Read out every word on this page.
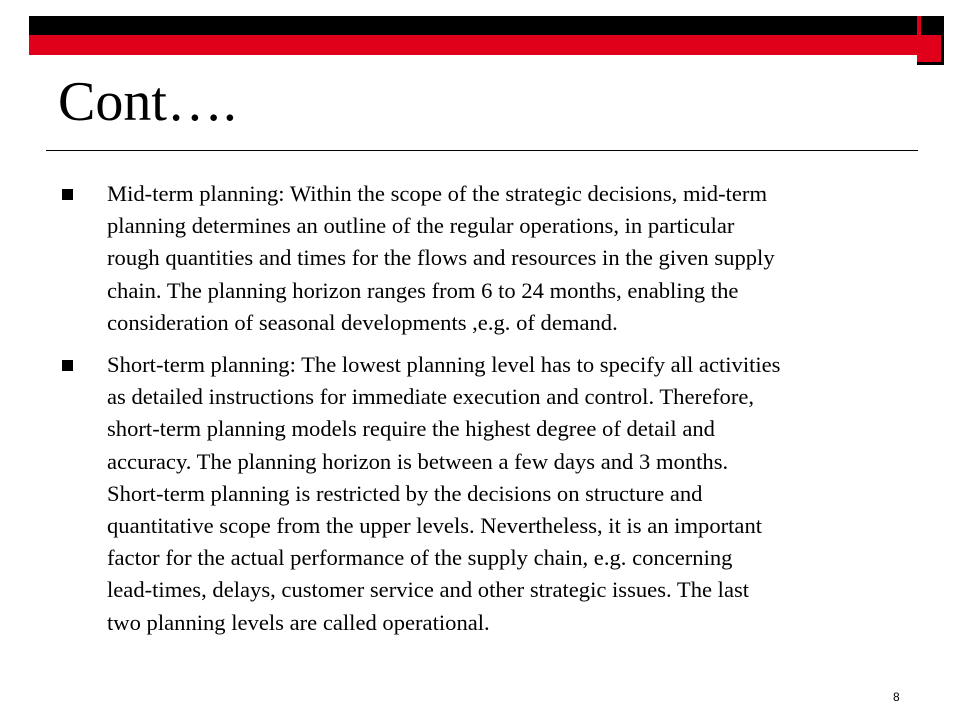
Cont….
Mid-term planning: Within the scope of the strategic decisions, mid-term
planning determines an outline of the regular operations, in particular
rough quantities and times for the flows and resources in the given supply
chain. The planning horizon ranges from 6 to 24 months, enabling the
consideration of seasonal developments ,e.g. of demand.
Short-term planning: The lowest planning level has to specify all activities
as detailed instructions for immediate execution and control. Therefore,
short-term planning models require the highest degree of detail and
accuracy. The planning horizon is between a few days and 3 months.
Short-term planning is restricted by the decisions on structure and
quantitative scope from the upper levels. Nevertheless, it is an important
factor for the actual performance of the supply chain, e.g. concerning
lead-times, delays, customer service and other strategic issues. The last
two planning levels are called operational.
8
